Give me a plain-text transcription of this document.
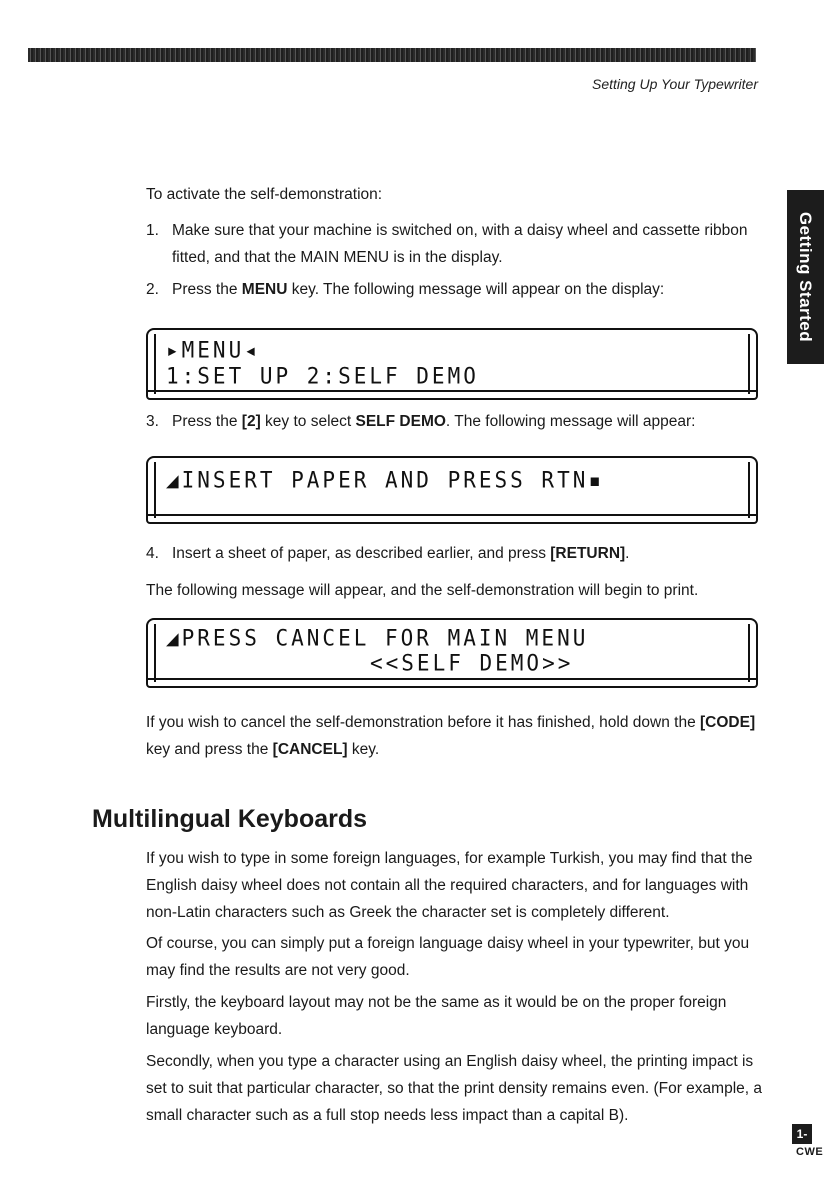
Setting Up Your Typewriter
Getting Started

To activate the self-demonstration:

1. Make sure that your machine is switched on, with a daisy wheel and cassette ribbon fitted, and that the MAIN MENU is in the display.
2. Press the MENU key. The following message will appear on the display:
▸MENU◂
1:SET UP 2:SELF DEMO
3. Press the [2] key to select SELF DEMO. The following message will appear:
◢INSERT PAPER AND PRESS RTN▪
4. Insert a sheet of paper, as described earlier, and press [RETURN].

The following message will appear, and the self-demonstration will begin to print.

◢PRESS CANCEL FOR MAIN MENU
<<SELF DEMO>>

If you wish to cancel the self-demonstration before it has finished, hold down the [CODE] key and press the [CANCEL] key.

Multilingual Keyboards

If you wish to type in some foreign languages, for example Turkish, you may find that the English daisy wheel does not contain all the required characters, and for languages with non-Latin characters such as Greek the character set is completely different.

Of course, you can simply put a foreign language daisy wheel in your typewriter, but you may find the results are not very good.

Firstly, the keyboard layout may not be the same as it would be on the proper foreign language keyboard.

Secondly, when you type a character using an English daisy wheel, the printing impact is set to suit that particular character, so that the print density remains even. (For example, a small character such as a full stop needs less impact than a capital B).

1-
CWE
